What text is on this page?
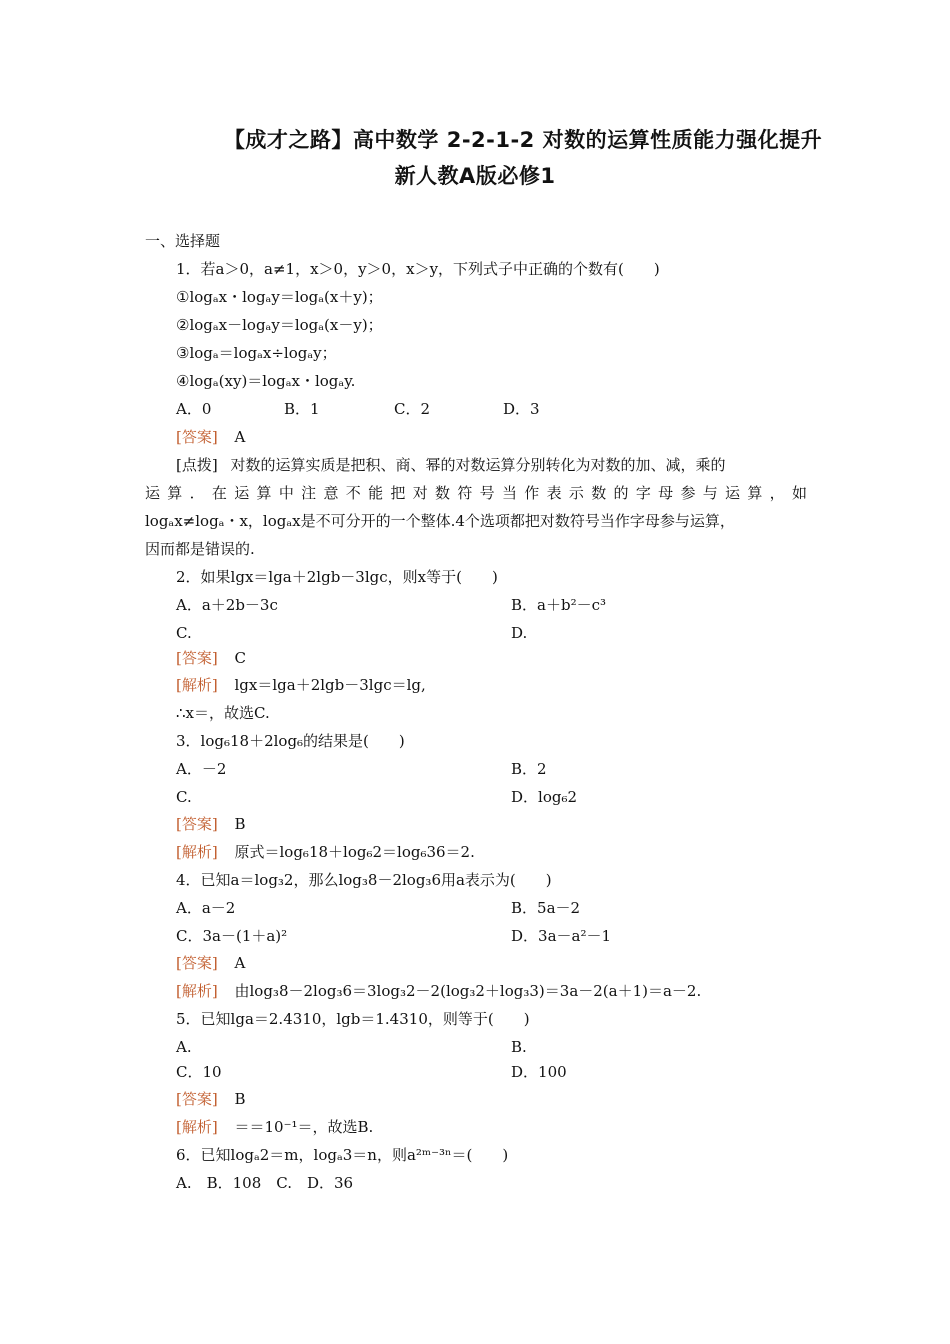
【成才之路】高中数学 2-2-1-2 对数的运算性质能力强化提升
新人教A版必修1
一、选择题
1．若a＞0，a≠1，x＞0，y＞0，x＞y，下列式子中正确的个数有(　　)
①logₐx・logₐy＝logₐ(x＋y)；
②logₐx－logₐy＝logₐ(x－y)；
③logₐ＝logₐx÷logₐy；
④logₐ(xy)＝logₐx・logₐy.
A．0	B．1	C．2	D．3
[答案] A
[点拨] 对数的运算实质是把积、商、幂的对数运算分别转化为对数的加、减，乘的
运算．在运算中注意不能把对数符号当作表示数的字母参与运算，如
logₐx≠logₐ・x，logₐx是不可分开的一个整体.4个选项都把对数符号当作字母参与运算，
因而都是错误的.
2．如果lgx＝lga＋2lgb－3lgc，则x等于(　　)
A．a＋2b－3c	B．a＋b²－c³
C.	D.
[答案] C
[解析] lgx＝lga＋2lgb－3lgc＝lg,
∴x＝，故选C.
3．log₆18＋2log₆的结果是(　　)
A．－2	B．2
C.	D．log₆2
[答案] B
[解析] 原式＝log₆18＋log₆2＝log₆36＝2.
4．已知a＝log₃2，那么log₃8－2log₃6用a表示为(　　)
A．a－2	B．5a－2
C．3a－(1＋a)²	D．3a－a²－1
[答案] A
[解析] 由log₃8－2log₃6＝3log₃2－2(log₃2＋log₃3)＝3a－2(a＋1)＝a－2.
5．已知lga＝2.4310，lgb＝1.4310，则等于(　　)
A.	B.
C．10	D．100
[答案] B
[解析] ＝＝10⁻¹＝，故选B.
6．已知logₐ2＝m，logₐ3＝n，则a²ᵐ⁻³ⁿ＝(　　)
A.　B．108　C.　D．36
